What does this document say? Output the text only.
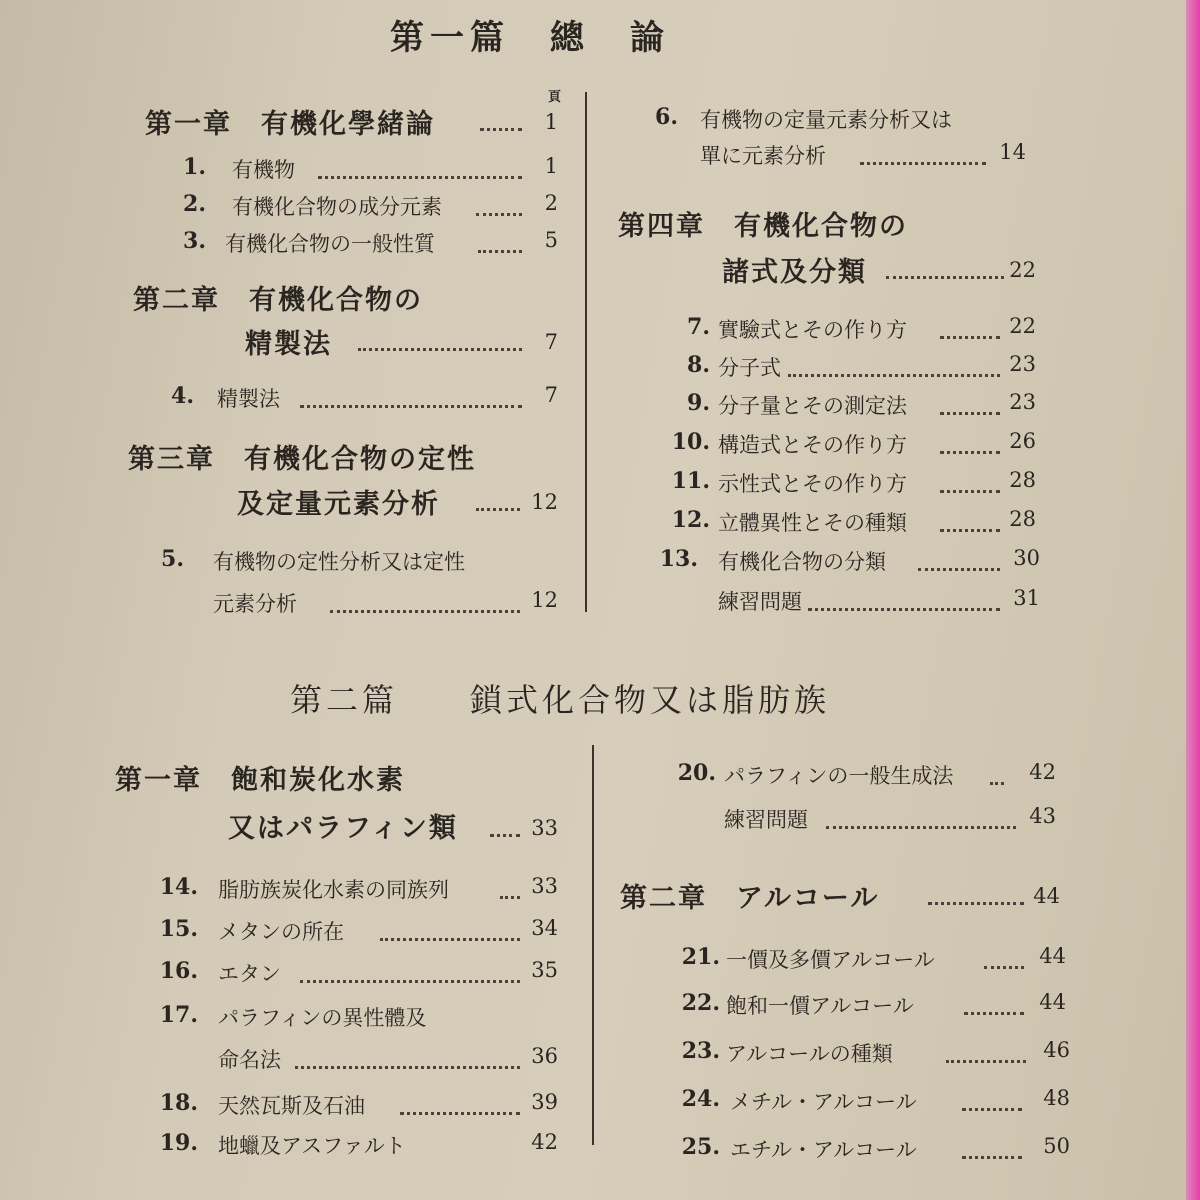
第一篇　總　論
頁
第一章　有機化學緒論	1
1. 有機物	1
2. 有機化合物の成分元素	2
3. 有機化合物の一般性質	5
第二章　有機化合物の
精製法	7
4. 精製法	7
第三章　有機化合物の定性
及定量元素分析	12
5. 有機物の定性分析又は定性
元素分析	12
6. 有機物の定量元素分析又は
單に元素分析	14
第四章　有機化合物の
諸式及分類	22
7. 實驗式とその作り方	22
8. 分子式	23
9. 分子量とその測定法	23
10. 構造式とその作り方	26
11. 示性式とその作り方	28
12. 立體異性とその種類	28
13. 有機化合物の分類	30
練習問題	31
第二篇　　鎖式化合物又は脂肪族
第一章　飽和炭化水素
又はパラフィン類	33
14. 脂肪族炭化水素の同族列	33
15. メタンの所在	34
16. エタン	35
17. パラフィンの異性體及
命名法	36
18. 天然瓦斯及石油	39
19. 地蠟及アスファルト	42
20. パラフィンの一般生成法	42
練習問題	43
第二章　アルコール	44
21. 一價及多價アルコール	44
22. 飽和一價アルコール	44
23. アルコールの種類	46
24. メチル・アルコール	48
25. エチル・アルコール	50
